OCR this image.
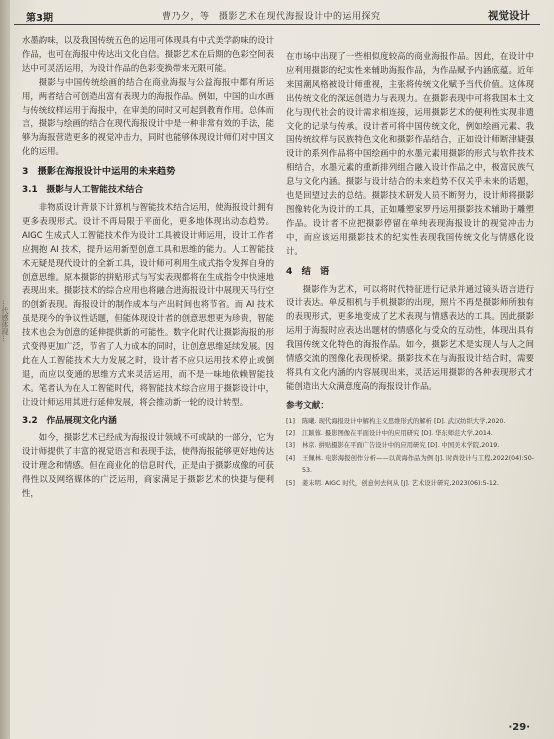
…代感体现…
第3期	曹乃夕，等　摄影艺术在现代海报设计中的运用探究	视觉设计

水墨韵味，以及我国传统五色的运用可体现具有中式美学韵味的设计作品，也可在海报中传达出文化自信。摄影艺术在后期的色彩空间表达中可灵活运用，为设计作品的色彩变换带来无限可能。

摄影与中国传统绘画的结合在商业海报与公益海报中都有所运用，两者结合可创造出富有表现力的海报作品。例如，中国的山水画与传统纹样运用于海报中，在审美的同时又可起到教育作用。总体而言，摄影与绘画的结合在现代海报设计中是一种非常有效的手法，能够为海报营造更多的视觉冲击力，同时也能够体现设计师们对中国文化的运用。

3　摄影在海报设计中运用的未来趋势
3.1　摄影与人工智能技术结合

非物质设计背景下计算机与智能技术结合运用，使海报设计拥有更多表现形式。设计不再局限于平面化，更多地体现出动态趋势。AIGC 生成式人工智能技术作为设计工具被设计师运用，设计工作者应拥抱 AI 技术，提升运用新型创意工具和思维的能力。人工智能技术无疑是现代设计的全新工具，设计师可利用生成式指令发挥自身的创意思维。原本摄影的拼贴形式与写实表现都将在生成指令中快速地表现出来。摄影技术的综合应用也将融合进海报设计中展现天马行空的创新表现。海报设计的制作成本与产出时间也将节省。而 AI 技术虽是现今的争议性话题，但能体现设计者的创意思想更为珍贵，智能技术也会为创意的延伸提供新的可能性。数字化时代让摄影海报的形式变得更加广泛，节省了人力成本的同时，让创意思维延续发展。因此在人工智能技术大力发展之时，设计者不应只运用技术停止或倒退，而应以变通的思维方式来灵活运用，而不是一味地依赖智能技术。笔者认为在人工智能时代，将智能技术综合应用于摄影设计中，让设计师运用其进行延伸发展，将会推动新一轮的设计转型。

3.2　作品展现文化内涵

如今，摄影艺术已经成为海报设计领域不可或缺的一部分，它为设计师提供了丰富的视觉语言和表现手法，使得海报能够更好地传达设计理念和情感。但在商业化的信息时代，正是由于摄影成像的可获得性以及网络媒体的广泛运用，商家满足于摄影艺术的快捷与便利性，

在市场中出现了一些相似度较高的商业海报作品。因此，在设计中应利用摄影的纪实性来辅助海报作品，为作品赋予内涵底蕴。近年来国潮风格被设计师重视，主张将传统文化赋予当代价值。这体现出传统文化的深远创造力与表现力。在摄影表现中可将我国本土文化与现代社会的设计需求相连接，运用摄影艺术的便利性实现非遗文化的记录与传承。设计者可将中国传统文化，例如绘画元素、我国传统纹样与民族特色文化和摄影作品结合，正如设计师断津婕强设计的系列作品将中国绘画中的水墨元素用摄影的形式与软件技术相结合，水墨元素的重新排列组合融入设计作品之中，极富民族气息与文化内涵。摄影与设计结合的未来趋势不仅关乎未来的话题，也是回望过去的总结。摄影技术研发人员不断努力，设计师将摄影图像转化为设计的工具，正如雕塑家罗丹运用摄影技术辅助于雕塑作品。设计者不应把摄影停留在单纯表现海报设计的视觉冲击力中，而应该运用摄影技术的纪实性表现我国传统文化与情感化设计。

4　结　语

摄影作为艺术，可以将时代特征进行记录并通过镜头语言进行设计表达。单反相机与手机摄影的出现，照片不再是摄影师所独有的表现形式，更多地变成了艺术表现与情感表达的工具。因此摄影运用于海报时应表达出题材的情感化与受众的互动性，体现出具有我国传统文化特色的海报作品。如今，摄影艺术是实现人与人之间情感交流的图像化表现桥梁。摄影技术在与海报设计结合时，需要将具有文化内涵的内容展现出来，灵活运用摄影的各种表现形式才能创造出大众满意度高的海报设计作品。

参考文献：
[1]	陈曦. 现代海报设计中解构主义思维形式的解析 [D]. 武汉纺织大学,2020.
[2]	江颖蓉. 摄影图像在平面设计中的应用研究 [D]. 华东师范大学,2014.
[3]	林京. 拼贴摄影在平面广告设计中的应用研究 [D]. 中国美术学院,2019.
[4]	王佩林. 电影海报创作分析——以黄海作品为例 [J]. 时尚设计与工程,2022(04):50-53.
[5]	姜未明. AIGC 时代，创意何去何从 [J]. 艺术设计研究,2023(06):5-12.
·29·
